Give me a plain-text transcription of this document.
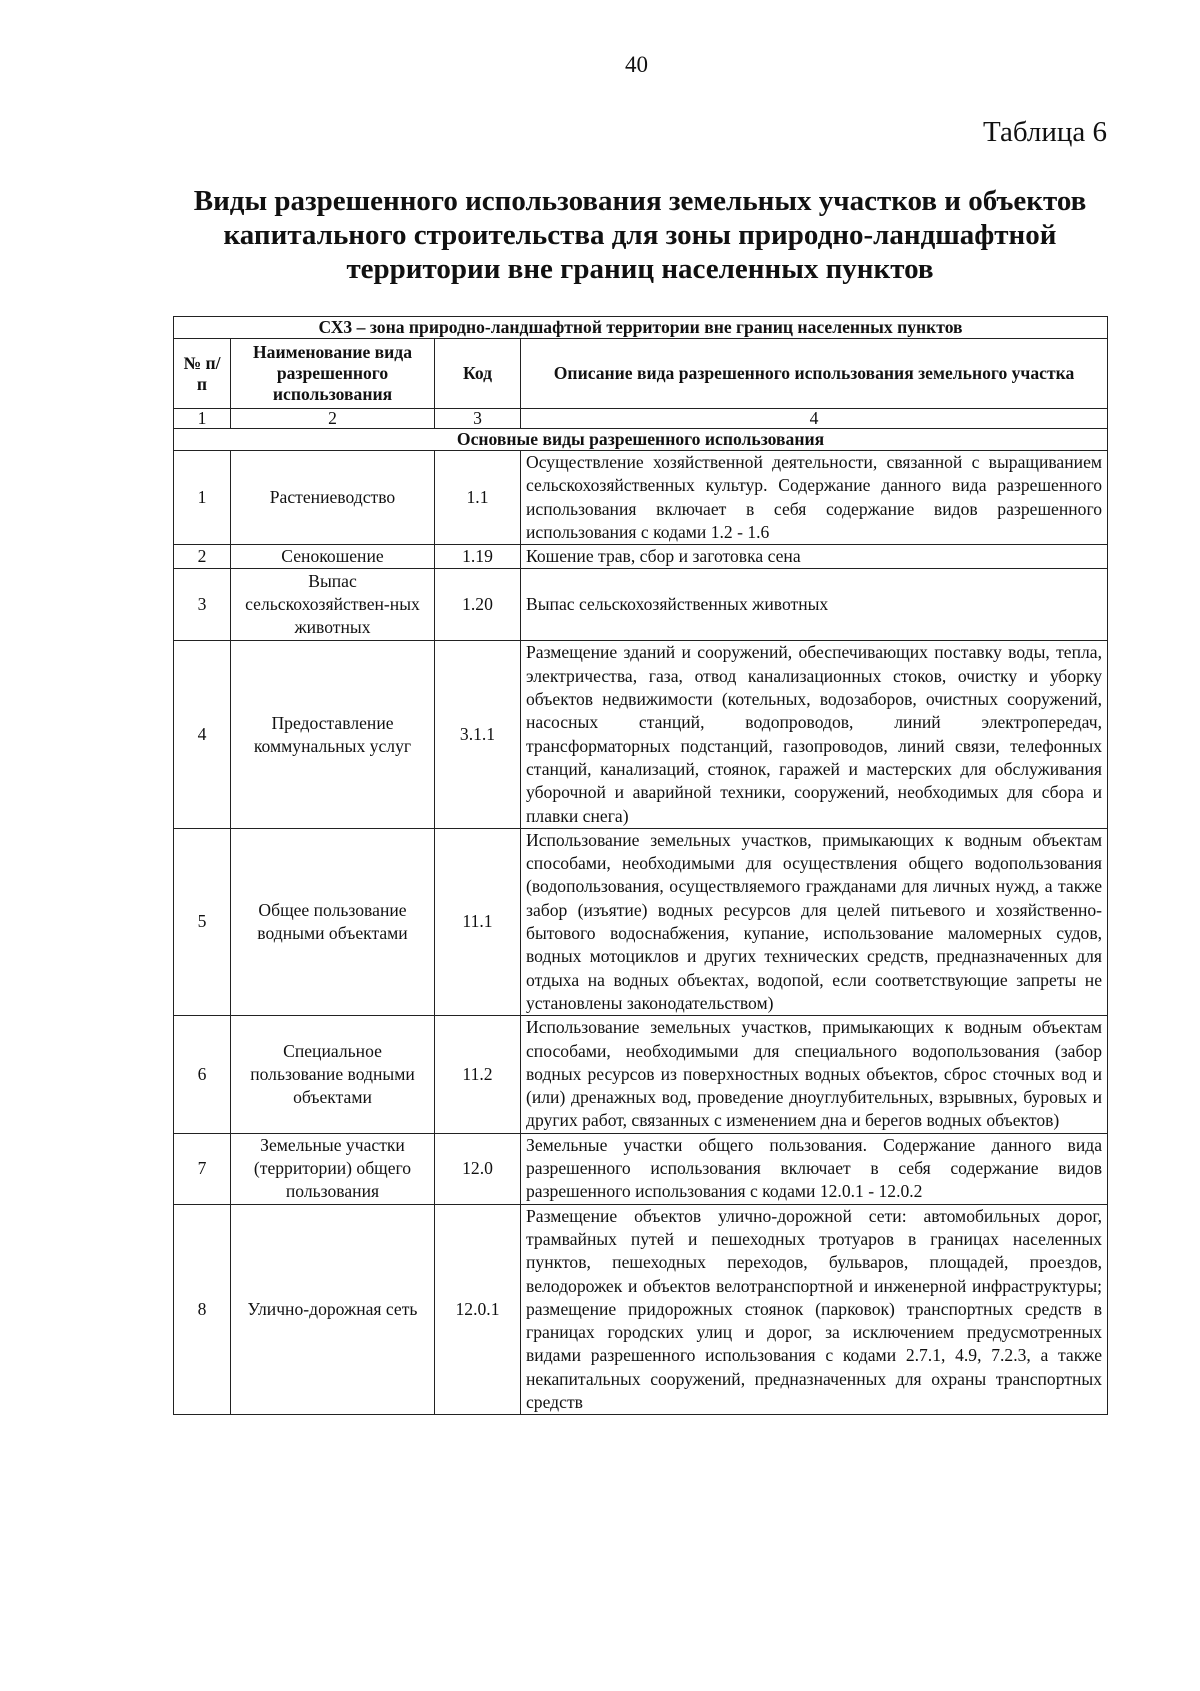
40
Таблица 6
Виды разрешенного использования земельных участков и объектов
капитального строительства для зоны природно-ландшафтной
территории вне границ населенных пунктов
СХ3 – зона природно-ландшафтной территории вне границ населенных пунктов			
№ п/п	Наименование вида разрешенного использования	Код	Описание вида разрешенного использования земельного участка
1	2	3	4
Основные виды разрешенного использования			
1	Растениеводство	1.1	Осуществление хозяйственной деятельности, связанной с выращиванием сельскохозяйственных культур. Содержание данного вида разрешенного использования включает в себя содержание видов разрешенного использования с кодами 1.2 - 1.6
2	Сенокошение	1.19	Кошение трав, сбор и заготовка сена
3	Выпас сельскохозяйствен-ных животных	1.20	Выпас сельскохозяйственных животных
4	Предоставление коммунальных услуг	3.1.1	Размещение зданий и сооружений, обеспечивающих поставку воды, тепла, электричества, газа, отвод канализационных стоков, очистку и уборку объектов недвижимости (котельных, водозаборов, очистных сооружений, насосных станций, водопроводов, линий электропередач, трансформаторных подстанций, газопроводов, линий связи, телефонных станций, канализаций, стоянок, гаражей и мастерских для обслуживания уборочной и аварийной техники, сооружений, необходимых для сбора и плавки снега)
5	Общее пользование водными объектами	11.1	Использование земельных участков, примыкающих к водным объектам способами, необходимыми для осуществления общего водопользования (водопользования, осуществляемого гражданами для личных нужд, а также забор (изъятие) водных ресурсов для целей питьевого и хозяйственно-бытового водоснабжения, купание, использование маломерных судов, водных мотоциклов и других технических средств, предназначенных для отдыха на водных объектах, водопой, если соответствующие запреты не установлены законодательством)
6	Специальное пользование водными объектами	11.2	Использование земельных участков, примыкающих к водным объектам способами, необходимыми для специального водопользования (забор водных ресурсов из поверхностных водных объектов, сброс сточных вод и (или) дренажных вод, проведение дноуглубительных, взрывных, буровых и других работ, связанных с изменением дна и берегов водных объектов)
7	Земельные участки (территории) общего пользования	12.0	Земельные участки общего пользования. Содержание данного вида разрешенного использования включает в себя содержание видов разрешенного использования с кодами 12.0.1 - 12.0.2
8	Улично-дорожная сеть	12.0.1	Размещение объектов улично-дорожной сети: автомобильных дорог, трамвайных путей и пешеходных тротуаров в границах населенных пунктов, пешеходных переходов, бульваров, площадей, проездов, велодорожек и объектов велотранспортной и инженерной инфраструктуры; размещение придорожных стоянок (парковок) транспортных средств в границах городских улиц и дорог, за исключением предусмотренных видами разрешенного использования с кодами 2.7.1, 4.9, 7.2.3, а также некапитальных сооружений, предназначенных для охраны транспортных средств
